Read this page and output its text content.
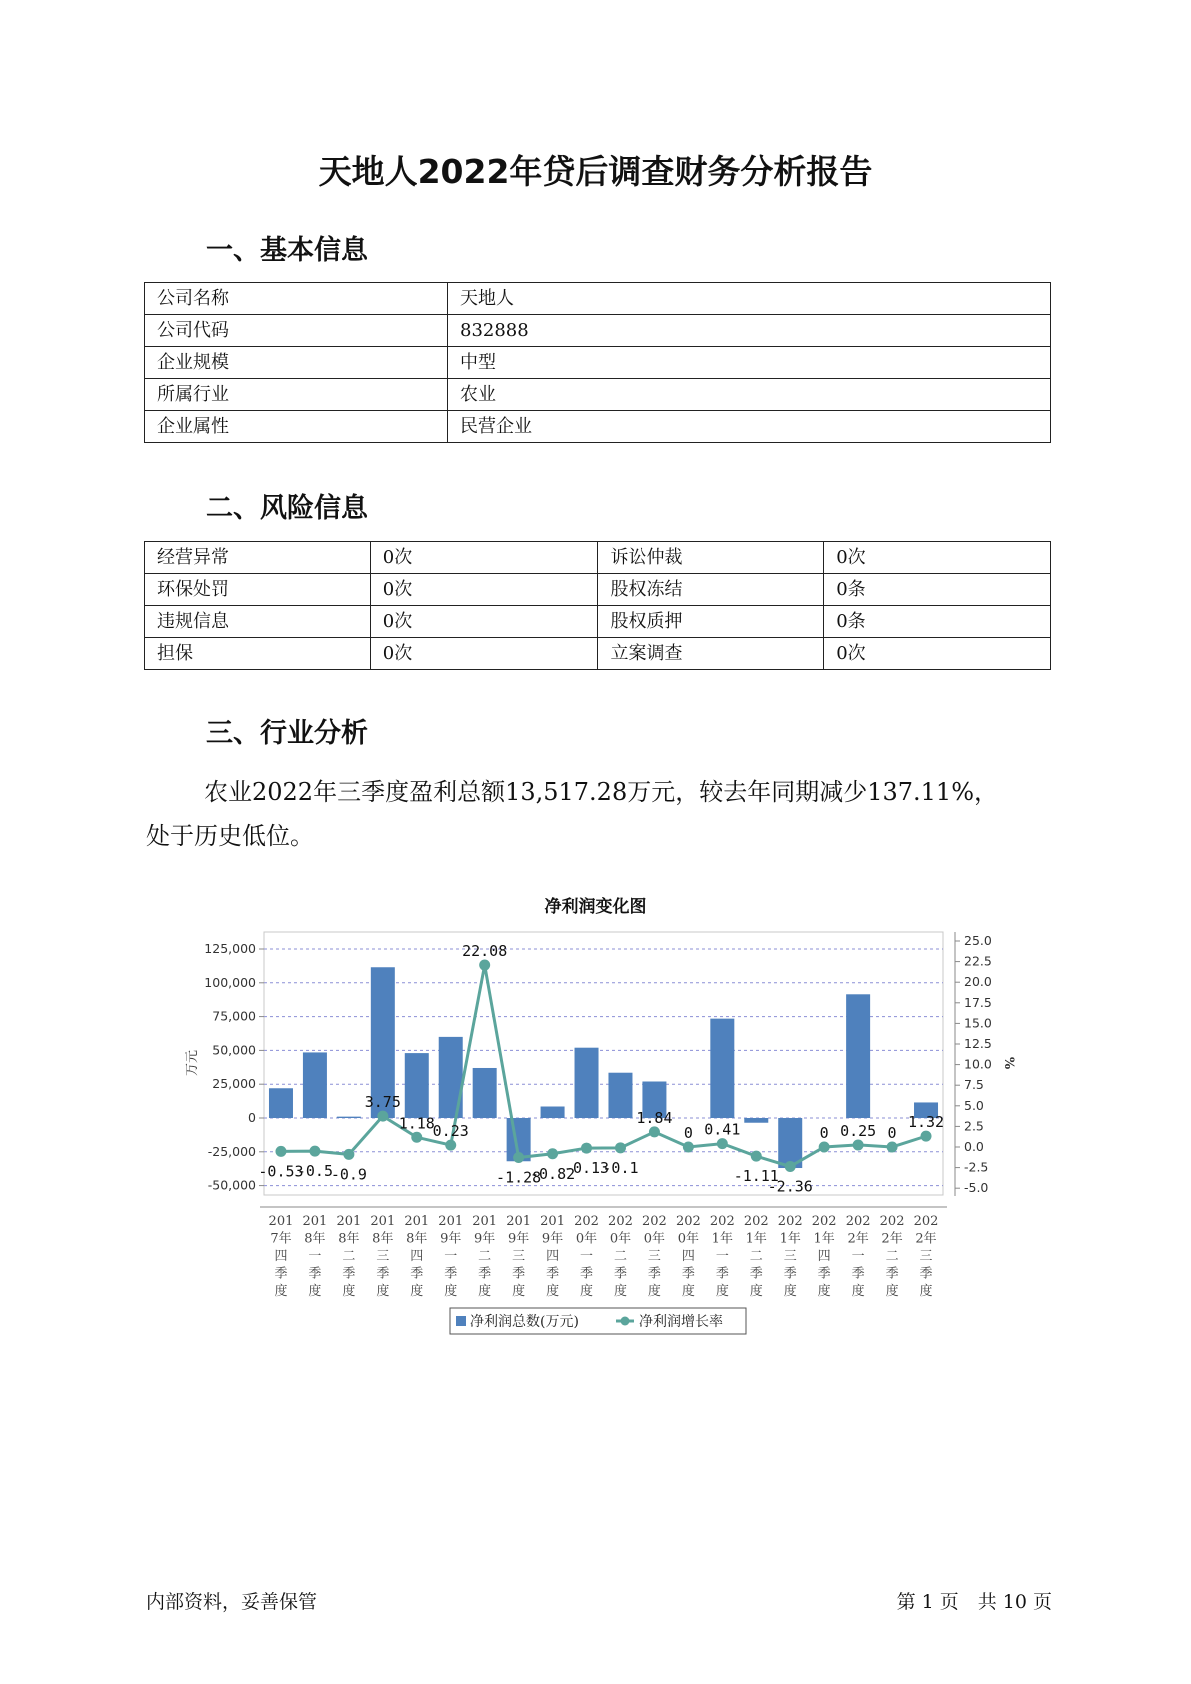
天地人2022年贷后调查财务分析报告
一、基本信息
公司名称	天地人
公司代码	832888
企业规模	中型
所属行业	农业
企业属性	民营企业
二、风险信息
经营异常	0次	诉讼仲裁	0次
环保处罚	0次	股权冻结	0条
违规信息	0次	股权质押	0条
担保	0次	立案调查	0次
三、行业分析
农业2022年三季度盈利总额13,517.28万元，较去年同期减少137.11%，
处于历史低位。
净利润变化图
125,000
100,000
75,000
50,000
25,000
0
-25,000
-50,000
25.0
22.5
20.0
17.5
15.0
12.5
10.0
7.5
5.0
2.5
0.0
-2.5
-5.0
万元	%
-0.53
-0.5
-0.9
3.75
1.18
0.23
22.08
-1.28
-0.82
-0.13
-0.1
1.84
0 0.41
-1.11
-2.36
0 0.25 0
1.32
201
7年
四
季
度
201
8年
一
季
度
201
8年
二
季
度
201
8年
三
季
度
201
8年
四
季
度
201
9年
一
季
度
201
9年
二
季
度
201
9年
三
季
度
201
9年
四
季
度
202
0年
一
季
度
202
0年
二
季
度
202
0年
三
季
度
202
0年
四
季
度
202
1年
一
季
度
202
1年
二
季
度
202
1年
三
季
度
202
1年
四
季
度
202
2年
一
季
度
202
2年
二
季
度
202
2年
三
季
度
净利润总数(万元)	净利润增长率
内部资料，妥善保管	第 1 页　共 10 页
